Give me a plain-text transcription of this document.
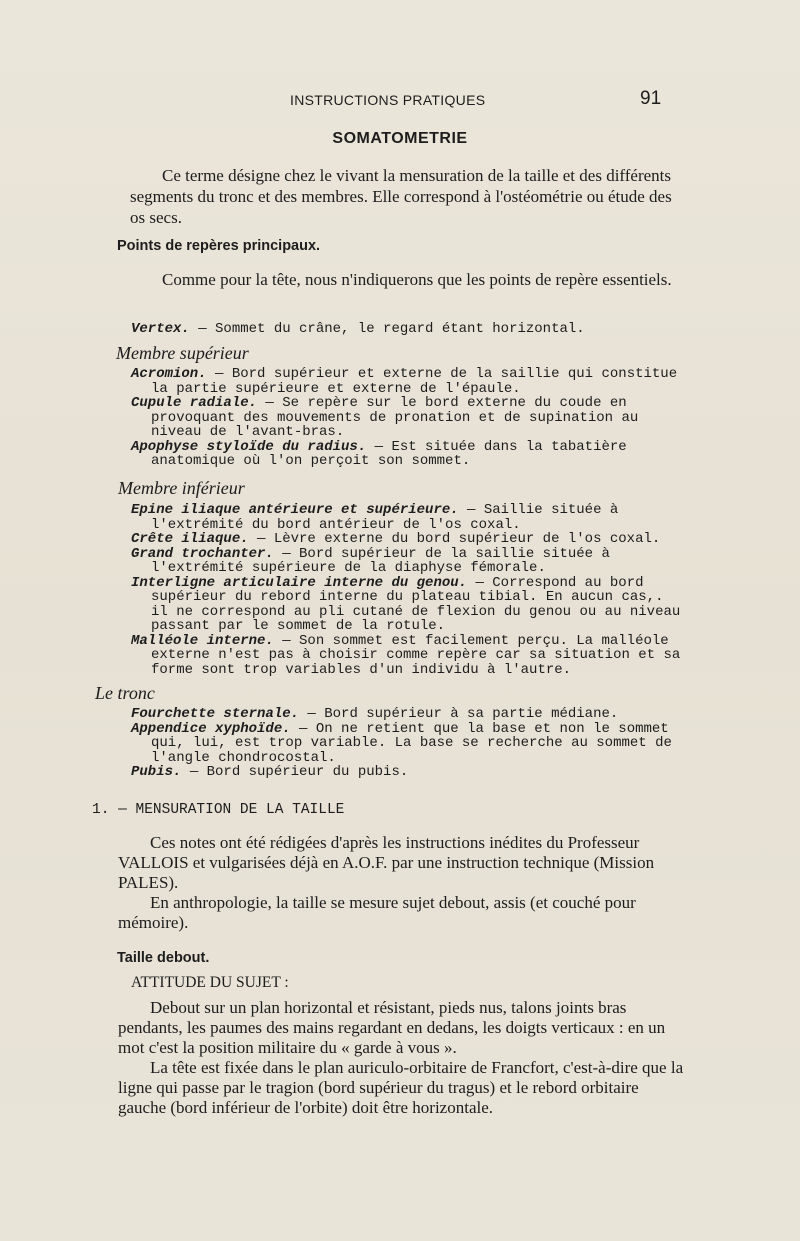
INSTRUCTIONS PRATIQUES	91
SOMATOMETRIE

Ce terme désigne chez le vivant la mensuration de la taille et des différents segments du tronc et des membres. Elle correspond à l'ostéométrie ou étude des os secs.

Points de repères principaux.

Comme pour la tête, nous n'indiquerons que les points de repère essentiels.

Vertex. — Sommet du crâne, le regard étant horizontal.

Membre supérieur

Acromion. — Bord supérieur et externe de la saillie qui constitue la partie supérieure et externe de l'épaule.

Cupule radiale. — Se repère sur le bord externe du coude en provoquant des mouvements de pronation et de supination au niveau de l'avant-bras.

Apophyse styloïde du radius. — Est située dans la tabatière anatomique où l'on perçoit son sommet.

Membre inférieur

Epine iliaque antérieure et supérieure. — Saillie située à l'extrémité du bord antérieur de l'os coxal.

Crête iliaque. — Lèvre externe du bord supérieur de l'os coxal.

Grand trochanter. — Bord supérieur de la saillie située à l'extrémité supérieure de la diaphyse fémorale.

Interligne articulaire interne du genou. — Correspond au bord supérieur du rebord interne du plateau tibial. En aucun cas,. il ne correspond au pli cutané de flexion du genou ou au niveau passant par le sommet de la rotule.

Malléole interne. — Son sommet est facilement perçu. La malléole externe n'est pas à choisir comme repère car sa situation et sa forme sont trop variables d'un individu à l'autre.

Le tronc

Fourchette sternale. — Bord supérieur à sa partie médiane.

Appendice xyphoïde. — On ne retient que la base et non le sommet qui, lui, est trop variable. La base se recherche au sommet de l'angle chondrocostal.

Pubis. — Bord supérieur du pubis.

1. — MENSURATION DE LA TAILLE

Ces notes ont été rédigées d'après les instructions inédites du Professeur VALLOIS et vulgarisées déjà en A.O.F. par une instruction technique (Mission PALES).

En anthropologie, la taille se mesure sujet debout, assis (et couché pour mémoire).

Taille debout.
ATTITUDE DU SUJET :

Debout sur un plan horizontal et résistant, pieds nus, talons joints bras pendants, les paumes des mains regardant en dedans, les doigts verticaux : en un mot c'est la position militaire du « garde à vous ».

La tête est fixée dans le plan auriculo-orbitaire de Francfort, c'est-à-dire que la ligne qui passe par le tragion (bord supérieur du tragus) et le rebord orbitaire gauche (bord inférieur de l'orbite) doit être horizontale.
